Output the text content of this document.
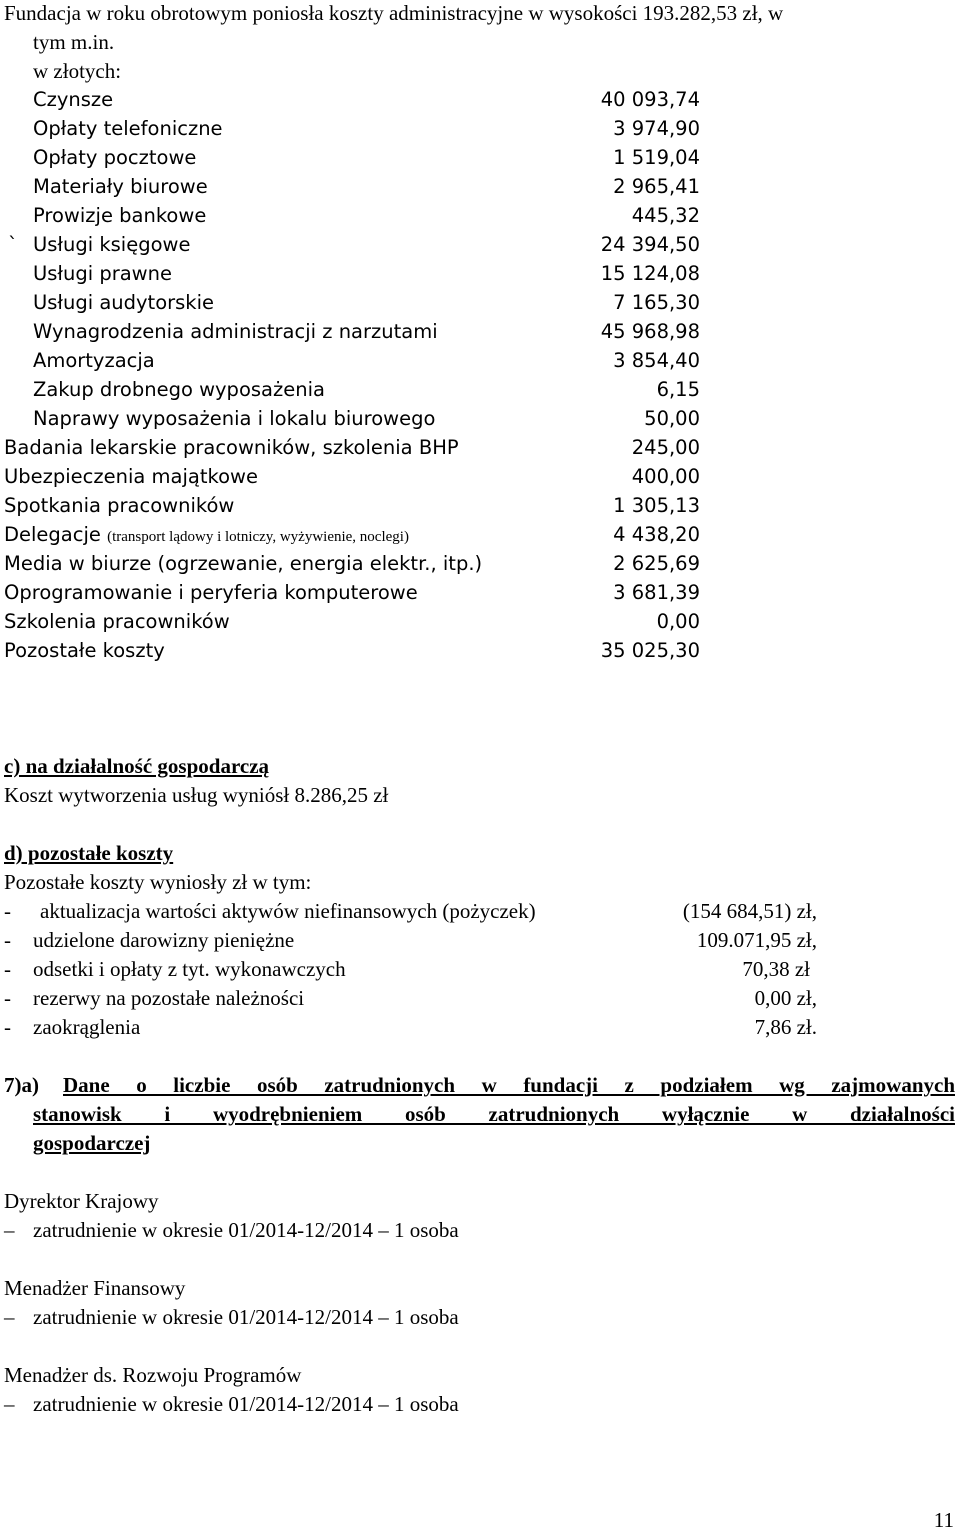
Fundacja w roku obrotowym poniosła koszty administracyjne w wysokości 193.282,53 zł, w
tym m.in.
w złotych:
Czynsze	40 093,74
Opłaty telefoniczne	3 974,90
Opłaty pocztowe	1 519,04
Materiały biurowe	2 965,41
Prowizje bankowe	445,32
` Usługi księgowe	24 394,50
Usługi prawne	15 124,08
Usługi audytorskie	7 165,30
Wynagrodzenia administracji z narzutami	45 968,98
Amortyzacja	3 854,40
Zakup drobnego wyposażenia	6,15
Naprawy wyposażenia i lokalu biurowego	50,00
Badania lekarskie pracowników, szkolenia BHP	245,00
Ubezpieczenia majątkowe	400,00
Spotkania pracowników	1 305,13
Delegacje (transport lądowy i lotniczy, wyżywienie, noclegi)	4 438,20
Media w biurze (ogrzewanie, energia elektr., itp.)	2 625,69
Oprogramowanie i peryferia komputerowe	3 681,39
Szkolenia pracowników	0,00
Pozostałe koszty	35 025,30
c) na działalność gospodarczą
Koszt wytworzenia usług wyniósł 8.286,25 zł
d) pozostałe koszty
Pozostałe koszty wyniosły zł w tym:
- aktualizacja wartości aktywów niefinansowych (pożyczek)	(154 684,51) zł,
- udzielone darowizny pieniężne	109.071,95 zł,
- odsetki i opłaty z tyt. wykonawczych	70,38 zł
- rezerwy na pozostałe należności	0,00 zł,
- zaokrąglenia	7,86 zł.
7)a) Dane o liczbie osób zatrudnionych w fundacji z podziałem wg zajmowanych
stanowisk i wyodrębnieniem osób zatrudnionych wyłącznie w działalności
gospodarczej
Dyrektor Krajowy
– zatrudnienie w okresie 01/2014-12/2014 – 1 osoba
Menadżer Finansowy
– zatrudnienie w okresie 01/2014-12/2014 – 1 osoba
Menadżer ds. Rozwoju Programów
– zatrudnienie w okresie 01/2014-12/2014 – 1 osoba
11
